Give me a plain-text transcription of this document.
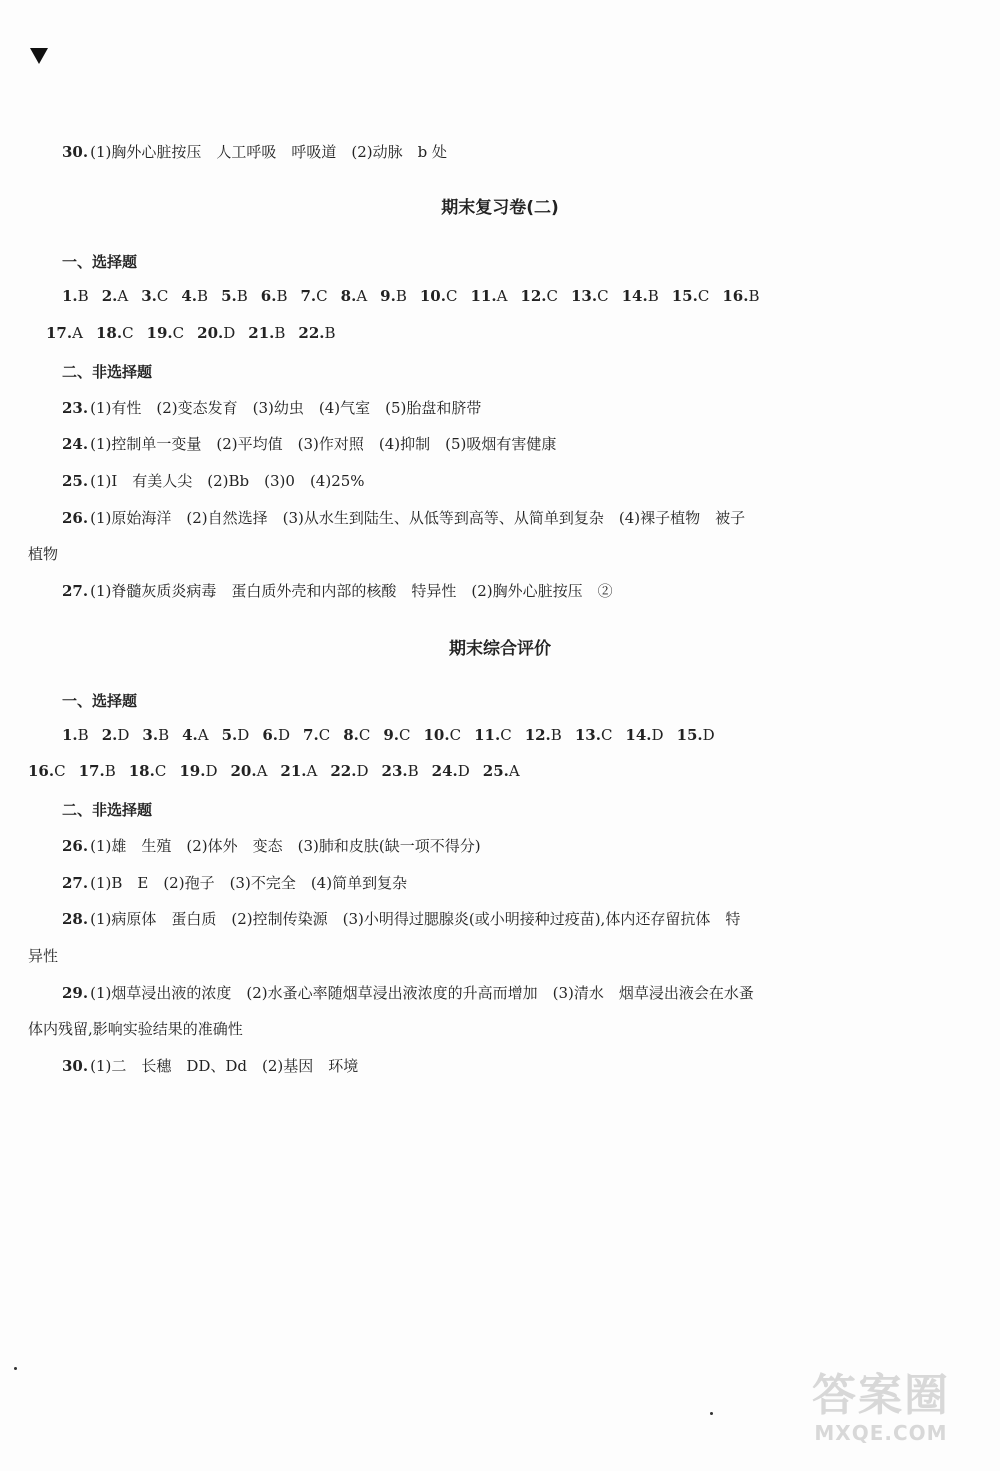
30. (1)胸外心脏按压　人工呼吸　呼吸道　(2)动脉　b 处
期末复习卷(二)
一、选择题
1.B 2.A 3.C 4.B 5.B 6.B 7.C 8.A 9.B 10.C 11.A 12.C 13.C 14.B 15.C 16.B
17.A 18.C 19.C 20.D 21.B 22.B
二、非选择题
23. (1)有性　(2)变态发育　(3)幼虫　(4)气室　(5)胎盘和脐带
24. (1)控制单一变量　(2)平均值　(3)作对照　(4)抑制　(5)吸烟有害健康
25. (1)Ⅰ　有美人尖　(2)Bb　(3)0　(4)25%
26. (1)原始海洋　(2)自然选择　(3)从水生到陆生、从低等到高等、从简单到复杂　(4)裸子植物　被子
植物
27. (1)脊髓灰质炎病毒　蛋白质外壳和内部的核酸　特异性　(2)胸外心脏按压　②
期末综合评价
一、选择题
1.B 2.D 3.B 4.A 5.D 6.D 7.C 8.C 9.C 10.C 11.C 12.B 13.C 14.D 15.D
16.C 17.B 18.C 19.D 20.A 21.A 22.D 23.B 24.D 25.A
二、非选择题
26. (1)雄　生殖　(2)体外　变态　(3)肺和皮肤(缺一项不得分)
27. (1)B　E　(2)孢子　(3)不完全　(4)简单到复杂
28. (1)病原体　蛋白质　(2)控制传染源　(3)小明得过腮腺炎(或小明接种过疫苗),体内还存留抗体　特
异性
29. (1)烟草浸出液的浓度　(2)水蚤心率随烟草浸出液浓度的升高而增加　(3)清水　烟草浸出液会在水蚤
体内残留,影响实验结果的准确性
30. (1)二　长穗　DD、Dd　(2)基因　环境
答案圈
MXQE.COM
